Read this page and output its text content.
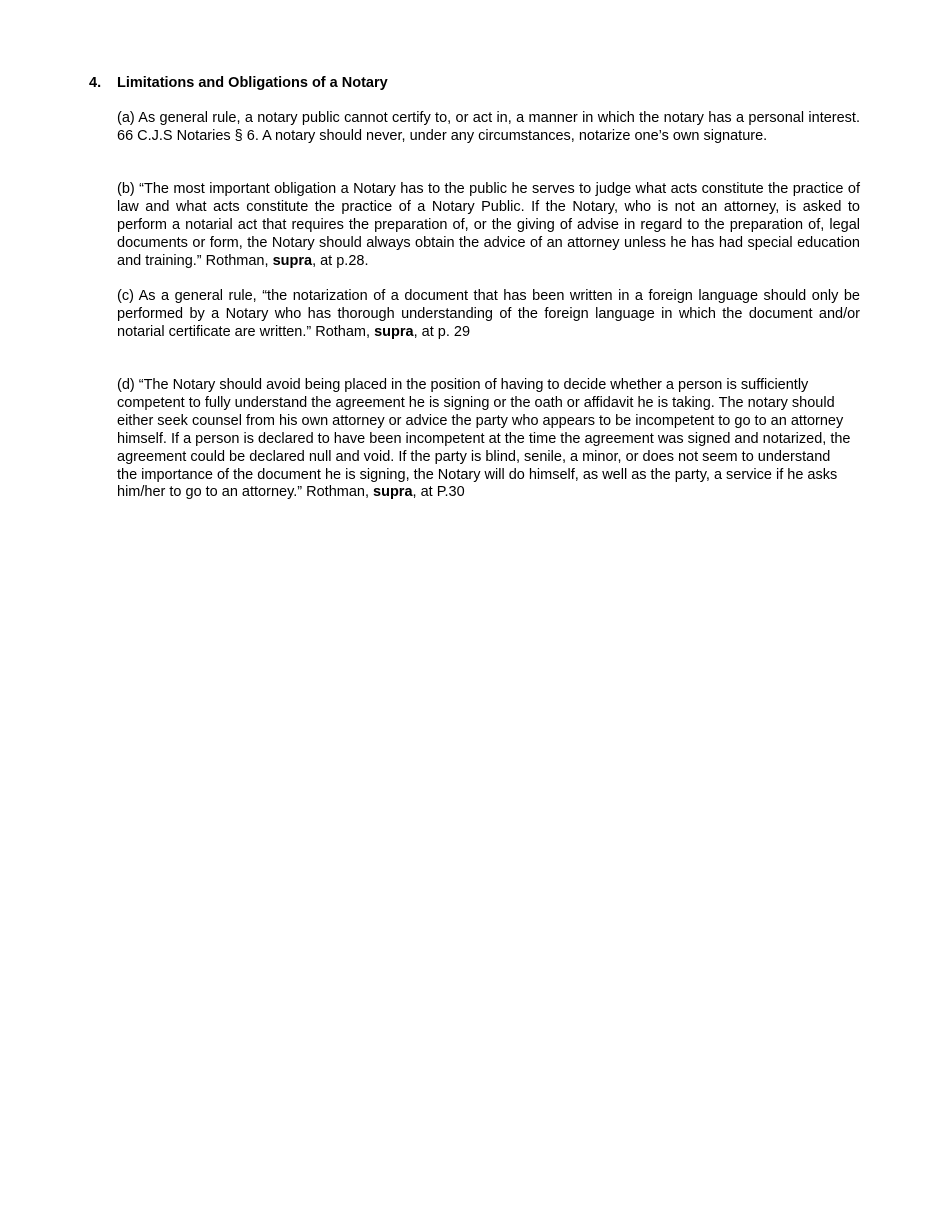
4. Limitations and Obligations of a Notary

(a) As general rule, a notary public cannot certify to, or act in, a manner in which the notary has a personal interest. 66 C.J.S Notaries § 6. A notary should never, under any circumstances, notarize one’s own signature.

(b) “The most important obligation a Notary has to the public he serves to judge what acts constitute the practice of law and what acts constitute the practice of a Notary Public. If the Notary, who is not an attorney, is asked to perform a notarial act that requires the preparation of, or the giving of advise in regard to the preparation of, legal documents or form, the Notary should always obtain the advice of an attorney unless he has had special education and training.” Rothman, supra, at p.28.

(c) As a general rule, “the notarization of a document that has been written in a foreign language should only be performed by a Notary who has thorough understanding of the foreign language in which the document and/or notarial certificate are written.” Rotham, supra, at p. 29

(d) “The Notary should avoid being placed in the position of having to decide whether a person is sufficiently competent to fully understand the agreement he is signing or the oath or affidavit he is taking. The notary should either seek counsel from his own attorney or advice the party who appears to be incompetent to go to an attorney himself. If a person is declared to have been incompetent at the time the agreement was signed and notarized, the agreement could be declared null and void. If the party is blind, senile, a minor, or does not seem to understand the importance of the document he is signing, the Notary will do himself, as well as the party, a service if he asks him/her to go to an attorney.” Rothman, supra, at P.30
